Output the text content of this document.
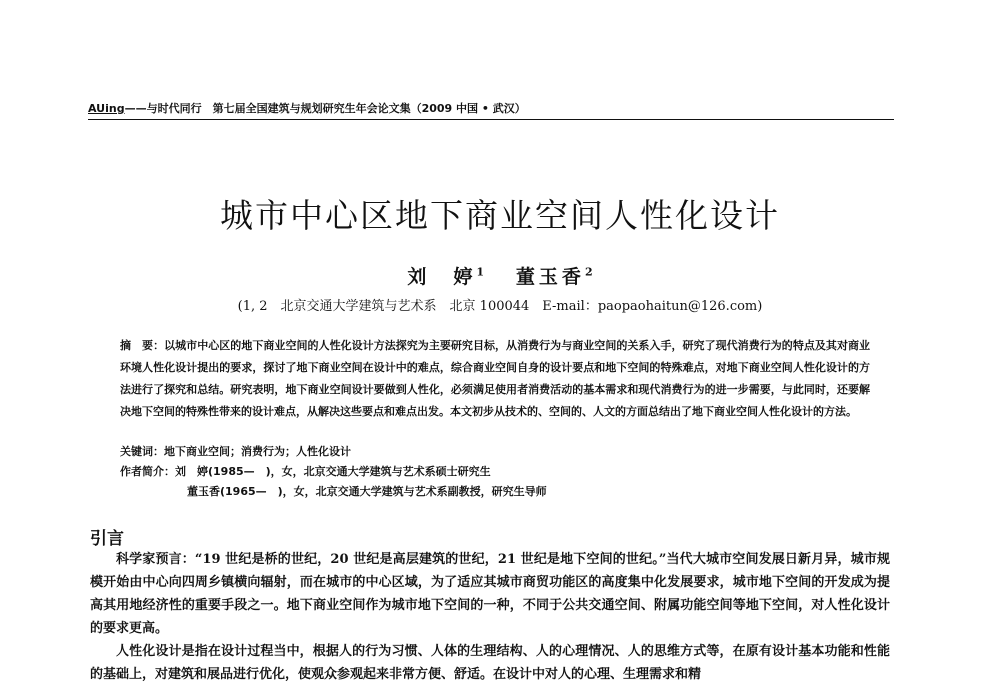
AUing——与时代同行　第七届全国建筑与规划研究生年会论文集（2009 中国 • 武汉）
城市中心区地下商业空间人性化设计
刘　婷$^1$ 董玉香$^2$
(1, 2　北京交通大学建筑与艺术系　北京 100044　E-mail：paopaohaitun@126.com)
摘　要：以城市中心区的地下商业空间的人性化设计方法探究为主要研究目标，从消费行为与商业空间的关系入手，研究了现代消费行为的特点及其对商业环境人性化设计提出的要求，探讨了地下商业空间在设计中的难点，综合商业空间自身的设计要点和地下空间的特殊难点，对地下商业空间人性化设计的方法进行了探究和总结。研究表明，地下商业空间设计要做到人性化，必须满足使用者消费活动的基本需求和现代消费行为的进一步需要，与此同时，还要解决地下空间的特殊性带来的设计难点，从解决这些要点和难点出发。本文初步从技术的、空间的、人文的方面总结出了地下商业空间人性化设计的方法。
关键词：地下商业空间；消费行为；人性化设计
作者简介：刘　婷(1985—　)，女，北京交通大学建筑与艺术系硕士研究生
董玉香(1965—　)，女，北京交通大学建筑与艺术系副教授，研究生导师
引言

科学家预言：“19 世纪是桥的世纪，20 世纪是高层建筑的世纪，21 世纪是地下空间的世纪。”当代大城市空间发展日新月异，城市规模开始由中心向四周乡镇横向辐射，而在城市的中心区域，为了适应其城市商贸功能区的高度集中化发展要求，城市地下空间的开发成为提高其用地经济性的重要手段之一。地下商业空间作为城市地下空间的一种，不同于公共交通空间、附属功能空间等地下空间，对人性化设计的要求更高。

人性化设计是指在设计过程当中，根据人的行为习惯、人体的生理结构、人的心理情况、人的思维方式等，在原有设计基本功能和性能的基础上，对建筑和展品进行优化，使观众参观起来非常方便、舒适。在设计中对人的心理、生理需求和精
